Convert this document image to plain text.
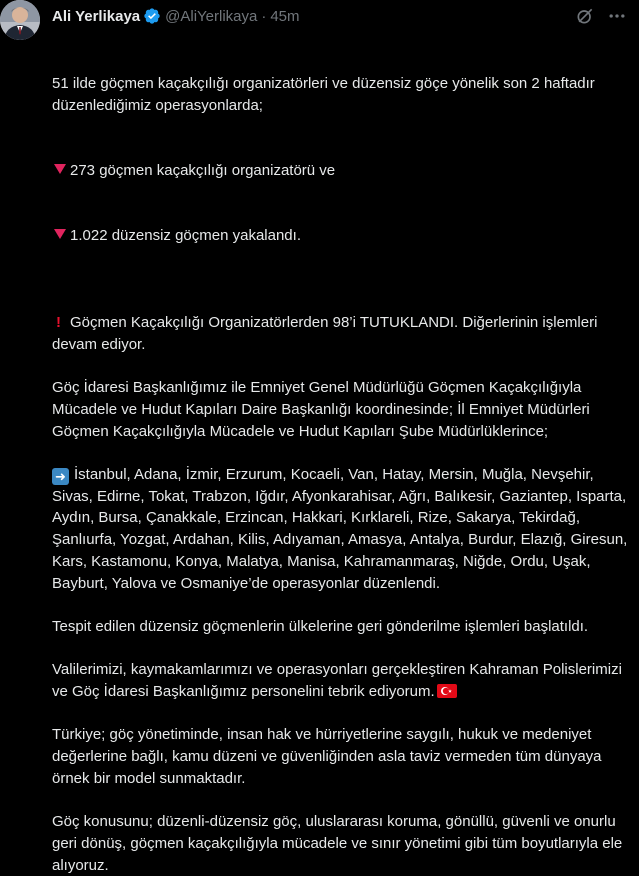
Ali Yerlikaya @AliYerlikaya · 45m

51 ilde göçmen kaçakçılığı organizatörleri ve düzensiz göçe yönelik son 2 haftadır düzenlediğimiz operasyonlarda;

273 göçmen kaçakçılığı organizatörü ve

1.022 düzensiz göçmen yakalandı.

! Göçmen Kaçakçılığı Organizatörlerden 98’i TUTUKLANDI. Diğerlerinin işlemleri devam ediyor.
Göç İdaresi Başkanlığımız ile Emniyet Genel Müdürlüğü Göçmen Kaçakçılığıyla Mücadele ve Hudut Kapıları Daire Başkanlığı koordinesinde; İl Emniyet Müdürleri Göçmen Kaçakçılığıyla Mücadele ve Hudut Kapıları Şube Müdürlüklerince;
➜ İstanbul, Adana, İzmir, Erzurum, Kocaeli, Van, Hatay, Mersin, Muğla, Nevşehir, Sivas, Edirne, Tokat, Trabzon, Iğdır, Afyonkarahisar, Ağrı, Balıkesir, Gaziantep, Isparta, Aydın, Bursa, Çanakkale, Erzincan, Hakkari, Kırklareli, Rize, Sakarya, Tekirdağ, Şanlıurfa, Yozgat, Ardahan, Kilis, Adıyaman, Amasya, Antalya, Burdur, Elazığ, Giresun, Kars, Kastamonu, Konya, Malatya, Manisa, Kahramanmaraş, Niğde, Ordu, Uşak, Bayburt, Yalova ve Osmaniye’de operasyonlar düzenlendi.
Tespit edilen düzensiz göçmenlerin ülkelerine geri gönderilme işlemleri başlatıldı.
Valilerimizi, kaymakamlarımızı ve operasyonları gerçekleştiren Kahraman Polislerimizi ve Göç İdaresi Başkanlığımız personelini tebrik ediyorum.
Türkiye; göç yönetiminde, insan hak ve hürriyetlerine saygılı, hukuk ve medeniyet değerlerine bağlı, kamu düzeni ve güvenliğinden asla taviz vermeden tüm dünyaya örnek bir model sunmaktadır.
Göç konusunu; düzenli-düzensiz göç, uluslararası koruma, gönüllü, güvenli ve onurlu geri dönüş, göçmen kaçakçılığıyla mücadele ve sınır yönetimi gibi tüm boyutlarıyla ele alıyoruz.
